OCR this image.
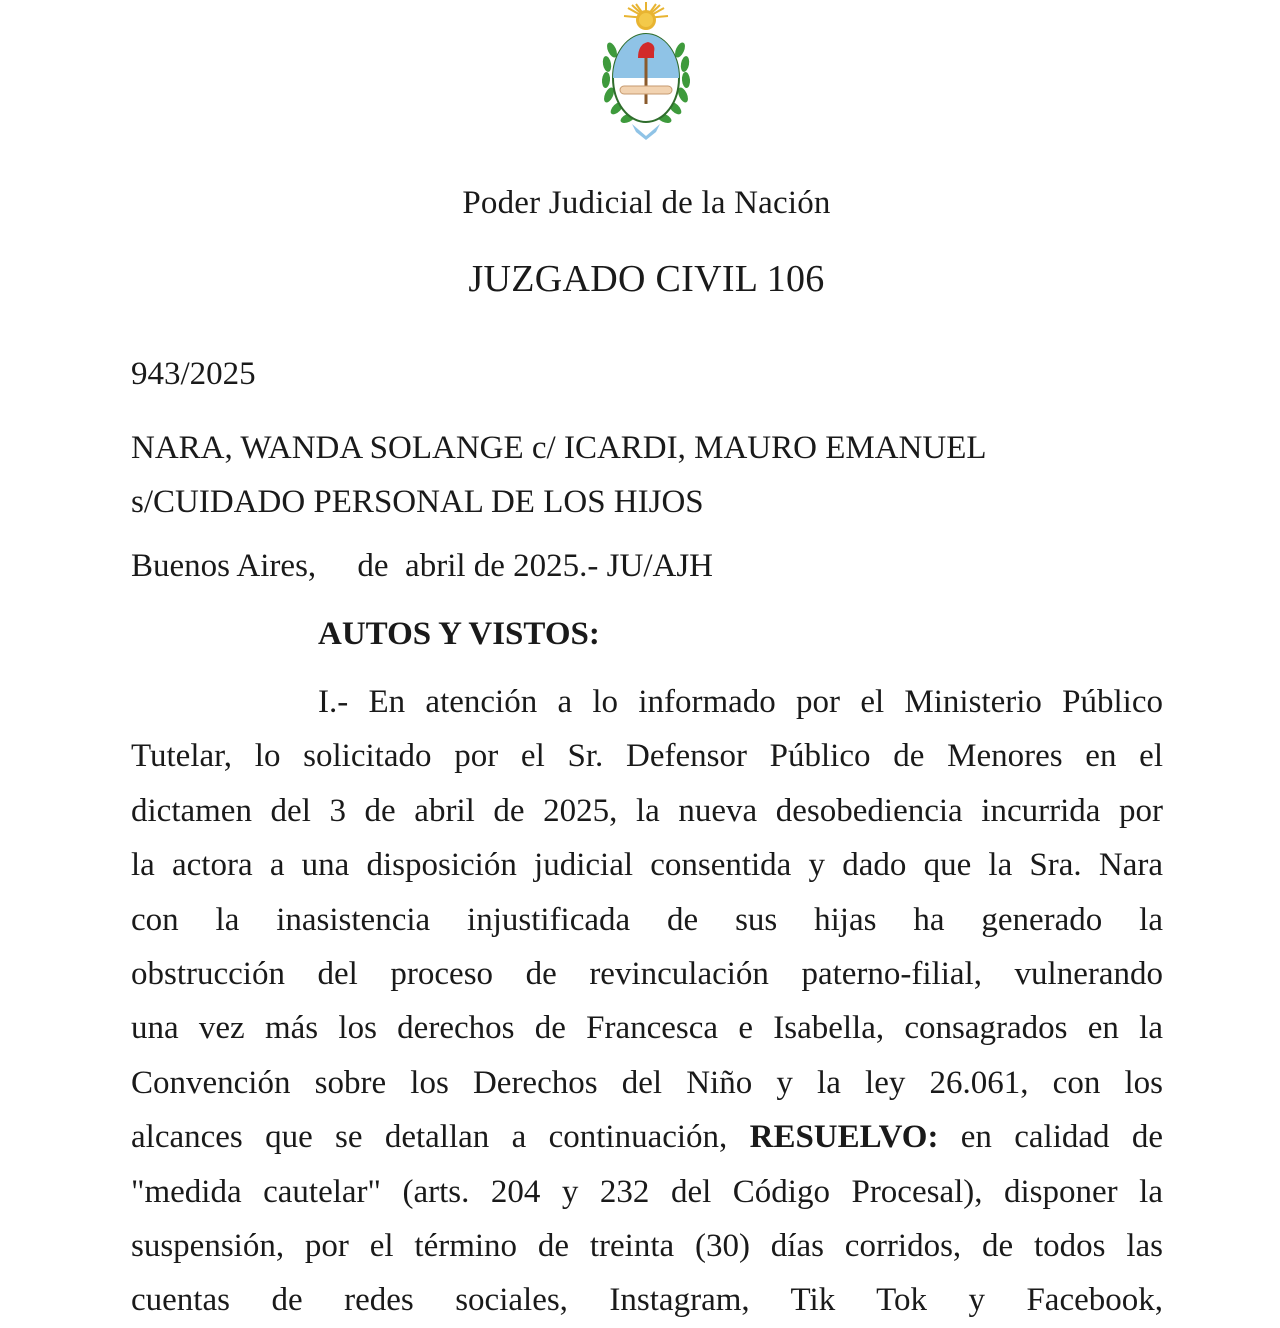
Poder Judicial de la Nación
JUZGADO CIVIL 106
943/2025
NARA, WANDA SOLANGE c/ ICARDI, MAURO EMANUEL
s/CUIDADO PERSONAL DE LOS HIJOS
Buenos Aires,     de  abril de 2025.- JU/AJH
AUTOS Y VISTOS:
I.- En atención a lo informado por el Ministerio Público
Tutelar, lo solicitado por el Sr. Defensor Público de Menores en el
dictamen del 3 de abril de 2025, la nueva desobediencia incurrida por
la actora a una disposición judicial consentida y dado que la Sra. Nara
con la inasistencia injustificada de sus hijas ha generado la
obstrucción del proceso de revinculación paterno-filial, vulnerando
una vez más los derechos de Francesca e Isabella, consagrados en la
Convención sobre los Derechos del Niño y la ley 26.061, con los
alcances que se detallan a continuación, RESUELVO: en calidad de
"medida cautelar" (arts. 204 y 232 del Código Procesal), disponer la
suspensión, por el término de treinta (30) días corridos, de todos las
cuentas de redes sociales, Instagram, Tik Tok y Facebook,
